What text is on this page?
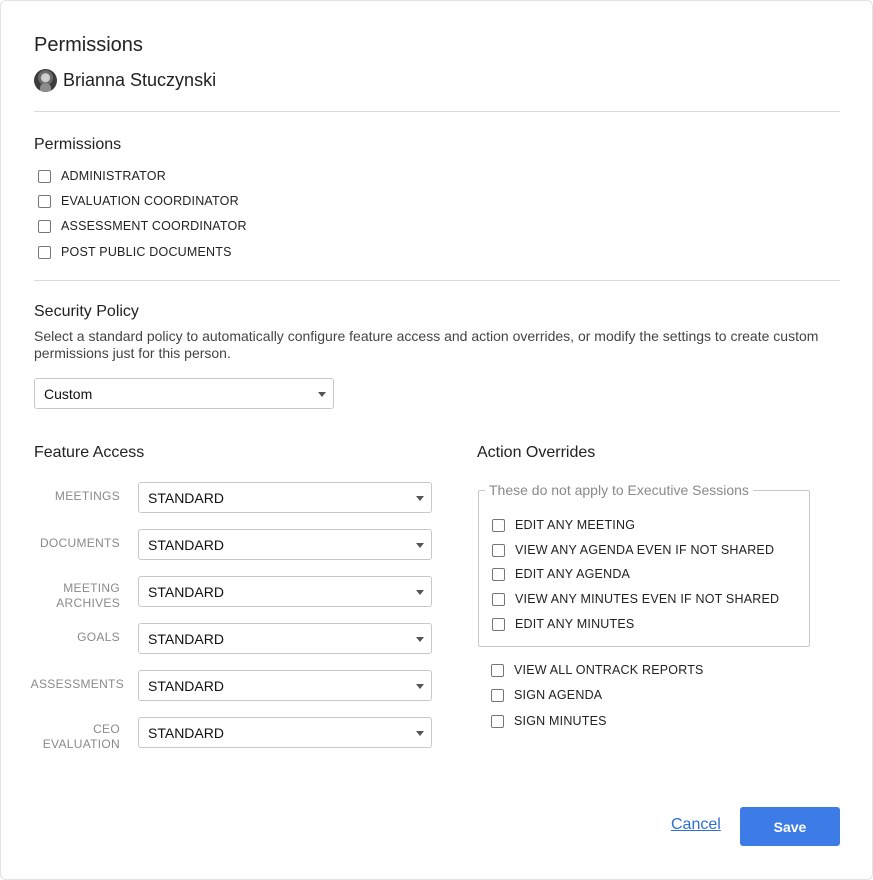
Permissions
Brianna Stuczynski
Permissions
ADMINISTRATOR
EVALUATION COORDINATOR
ASSESSMENT COORDINATOR
POST PUBLIC DOCUMENTS
Security Policy
Select a standard policy to automatically configure feature access and action overrides, or modify the settings to create custom permissions just for this person.
Custom
Feature Access
MEETINGS STANDARD
DOCUMENTS STANDARD
MEETING
ARCHIVES
STANDARD
GOALS STANDARD
ASSESSMENTS STANDARD
CEO
EVALUATION
STANDARD
Action Overrides
These do not apply to Executive Sessions
EDIT ANY MEETING
VIEW ANY AGENDA EVEN IF NOT SHARED
EDIT ANY AGENDA
VIEW ANY MINUTES EVEN IF NOT SHARED
EDIT ANY MINUTES
VIEW ALL ONTRACK REPORTS
SIGN AGENDA
SIGN MINUTES
Cancel	Save
